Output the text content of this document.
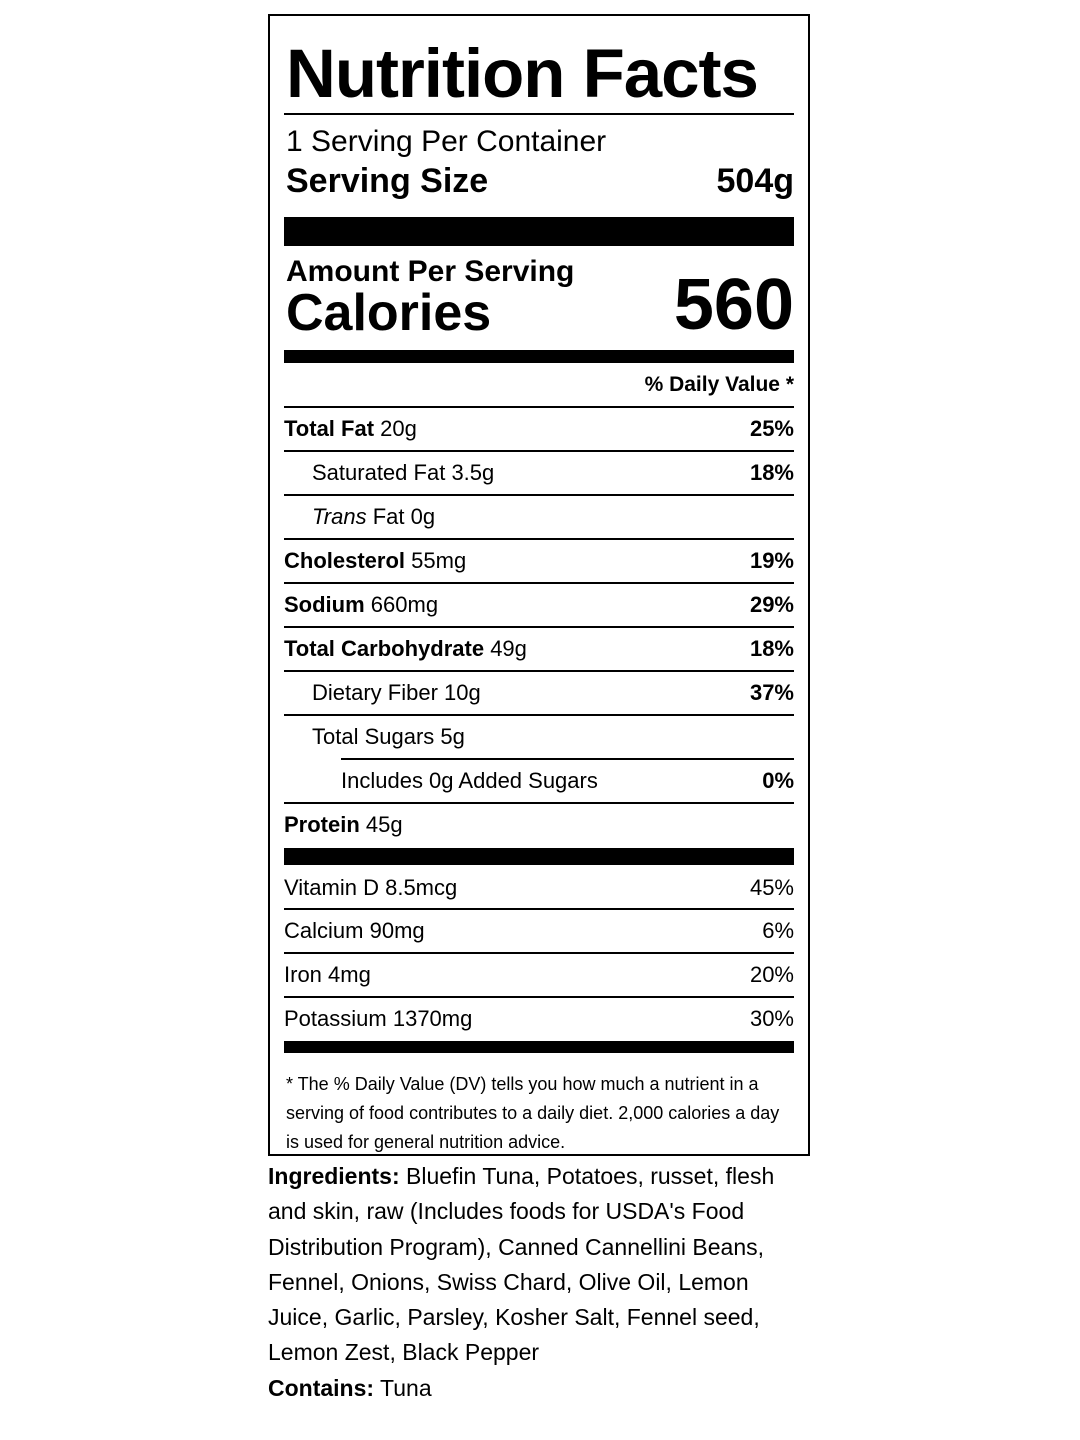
Nutrition Facts
1 Serving Per Container
Serving Size	504g
Amount Per Serving
Calories	560
% Daily Value *
Total Fat 20g	25%
Saturated Fat 3.5g	18%
Trans Fat 0g
Cholesterol 55mg	19%
Sodium 660mg	29%
Total Carbohydrate 49g	18%
Dietary Fiber 10g	37%
Total Sugars 5g
Includes 0g Added Sugars	0%
Protein 45g
Vitamin D 8.5mcg	45%
Calcium 90mg	6%
Iron 4mg	20%
Potassium 1370mg	30%
* The % Daily Value (DV) tells you how much a nutrient in a serving of food contributes to a daily diet. 2,000 calories a day is used for general nutrition advice.
Ingredients: Bluefin Tuna, Potatoes, russet, flesh and skin, raw (Includes foods for USDA's Food Distribution Program), Canned Cannellini Beans, Fennel, Onions, Swiss Chard, Olive Oil, Lemon Juice, Garlic, Parsley, Kosher Salt, Fennel seed, Lemon Zest, Black Pepper
Contains: Tuna
